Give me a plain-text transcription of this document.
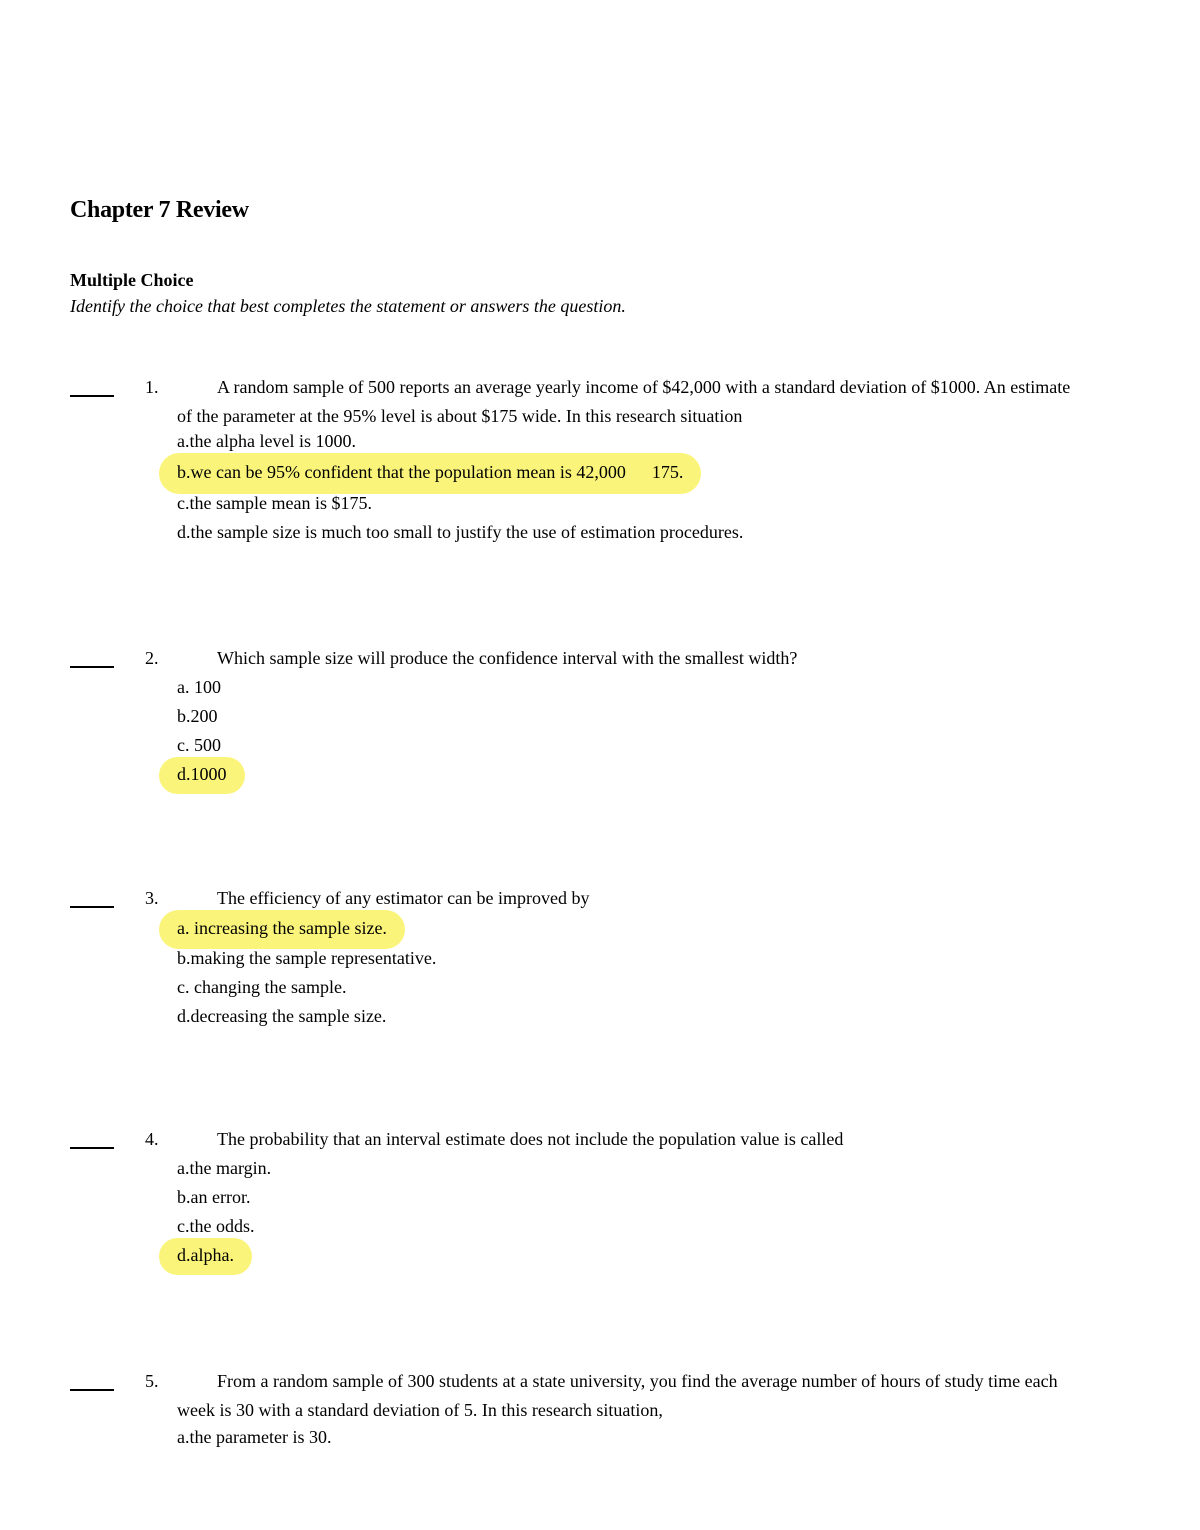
Chapter 7 Review
Multiple Choice
Identify the choice that best completes the statement or answers the question.
1.	A random sample of 500 reports an average yearly income of $42,000 with a standard deviation of $1000. An estimate of the parameter at the 95% level is about $175 wide. In this research situation
a.the alpha level is 1000.
b.we can be 95% confident that the population mean is 42,000 175.
c.the sample mean is $175.
d.the sample size is much too small to justify the use of estimation procedures.
2.	Which sample size will produce the confidence interval with the smallest width?
a. 100
b.200
c. 500
d.1000
3.	The efficiency of any estimator can be improved by
a. increasing the sample size.
b.making the sample representative.
c. changing the sample.
d.decreasing the sample size.
4.	The probability that an interval estimate does not include the population value is called
a.the margin.
b.an error.
c.the odds.
d.alpha.
5.	From a random sample of 300 students at a state university, you find the average number of hours of study time each week is 30 with a standard deviation of 5. In this research situation,
a.the parameter is 30.
